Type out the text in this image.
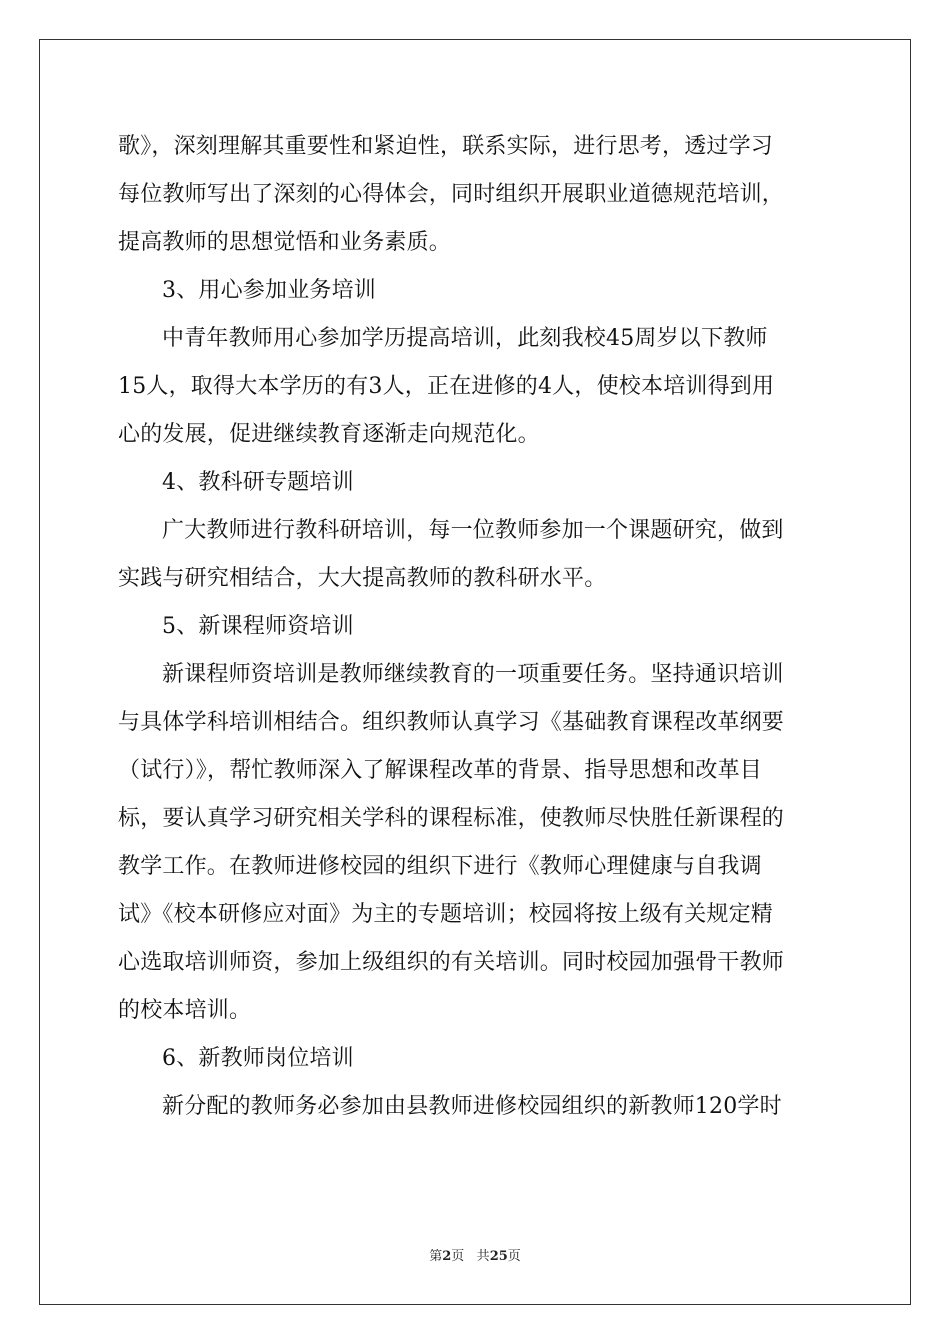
歌》，深刻理解其重要性和紧迫性，联系实际，进行思考，透过学习
每位教师写出了深刻的心得体会，同时组织开展职业道德规范培训，
提高教师的思想觉悟和业务素质。
3、用心参加业务培训
中青年教师用心参加学历提高培训，此刻我校45周岁以下教师
15人，取得大本学历的有3人，正在进修的4人，使校本培训得到用
心的发展，促进继续教育逐渐走向规范化。
4、教科研专题培训
广大教师进行教科研培训，每一位教师参加一个课题研究，做到
实践与研究相结合，大大提高教师的教科研水平。
5、新课程师资培训
新课程师资培训是教师继续教育的一项重要任务。坚持通识培训
与具体学科培训相结合。组织教师认真学习《基础教育课程改革纲要
（试行）》，帮忙教师深入了解课程改革的背景、指导思想和改革目
标，要认真学习研究相关学科的课程标准，使教师尽快胜任新课程的
教学工作。在教师进修校园的组织下进行《教师心理健康与自我调
试》《校本研修应对面》为主的专题培训；校园将按上级有关规定精
心选取培训师资，参加上级组织的有关培训。同时校园加强骨干教师
的校本培训。
6、新教师岗位培训
新分配的教师务必参加由县教师进修校园组织的新教师120学时
第2页 共25页
